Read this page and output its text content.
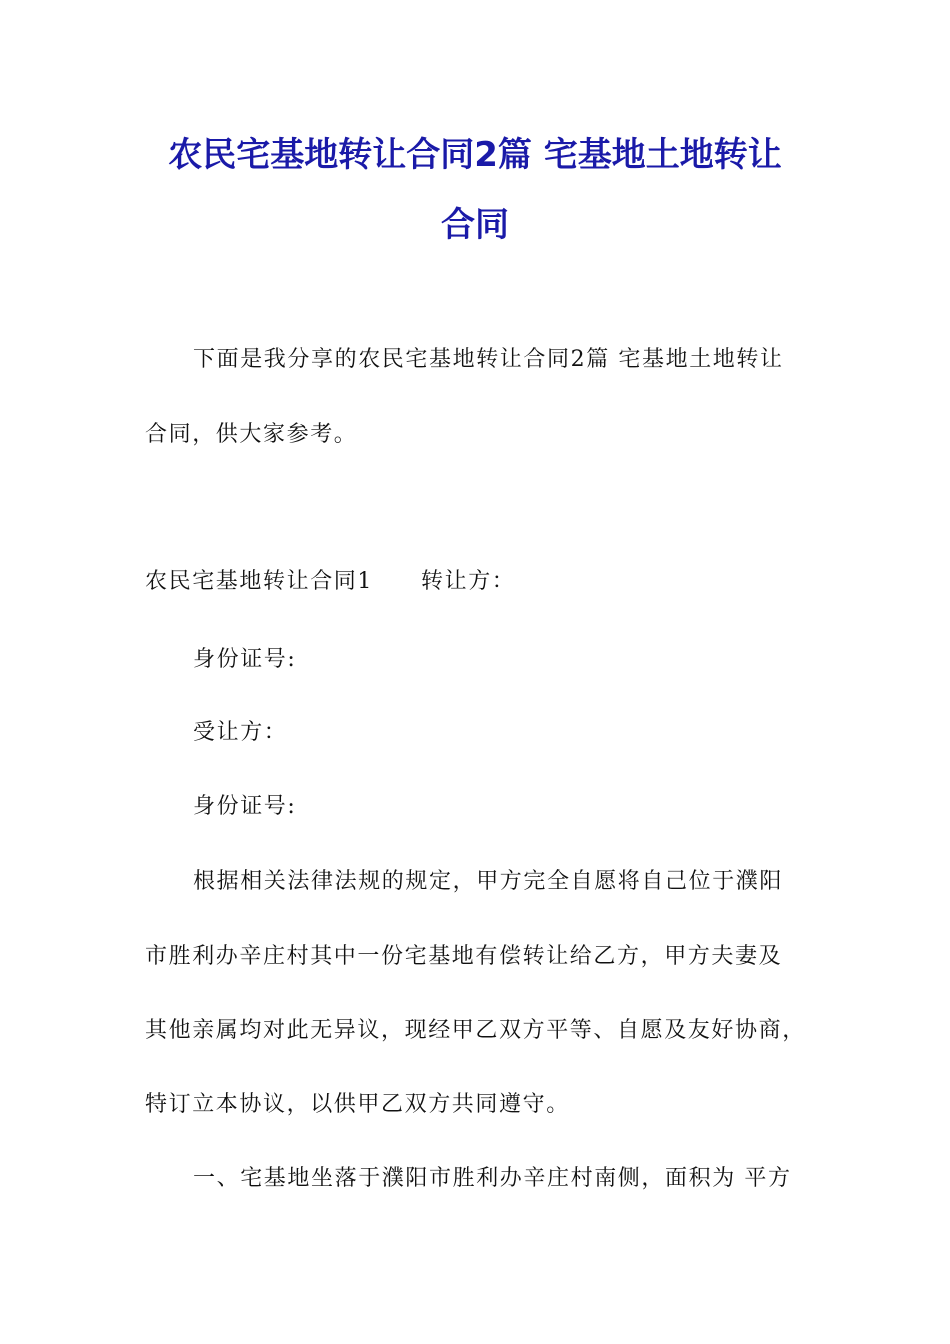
农民宅基地转让合同2篇 宅基地土地转让
合同
下面是我分享的农民宅基地转让合同2篇 宅基地土地转让
合同，供大家参考。
农民宅基地转让合同1 转让方：
身份证号:
受让方：
身份证号:
根据相关法律法规的规定，甲方完全自愿将自己位于濮阳
市胜利办辛庄村其中一份宅基地有偿转让给乙方，甲方夫妻及
其他亲属均对此无异议，现经甲乙双方平等、自愿及友好协商，
特订立本协议，以供甲乙双方共同遵守。
一、宅基地坐落于濮阳市胜利办辛庄村南侧，面积为 平方
